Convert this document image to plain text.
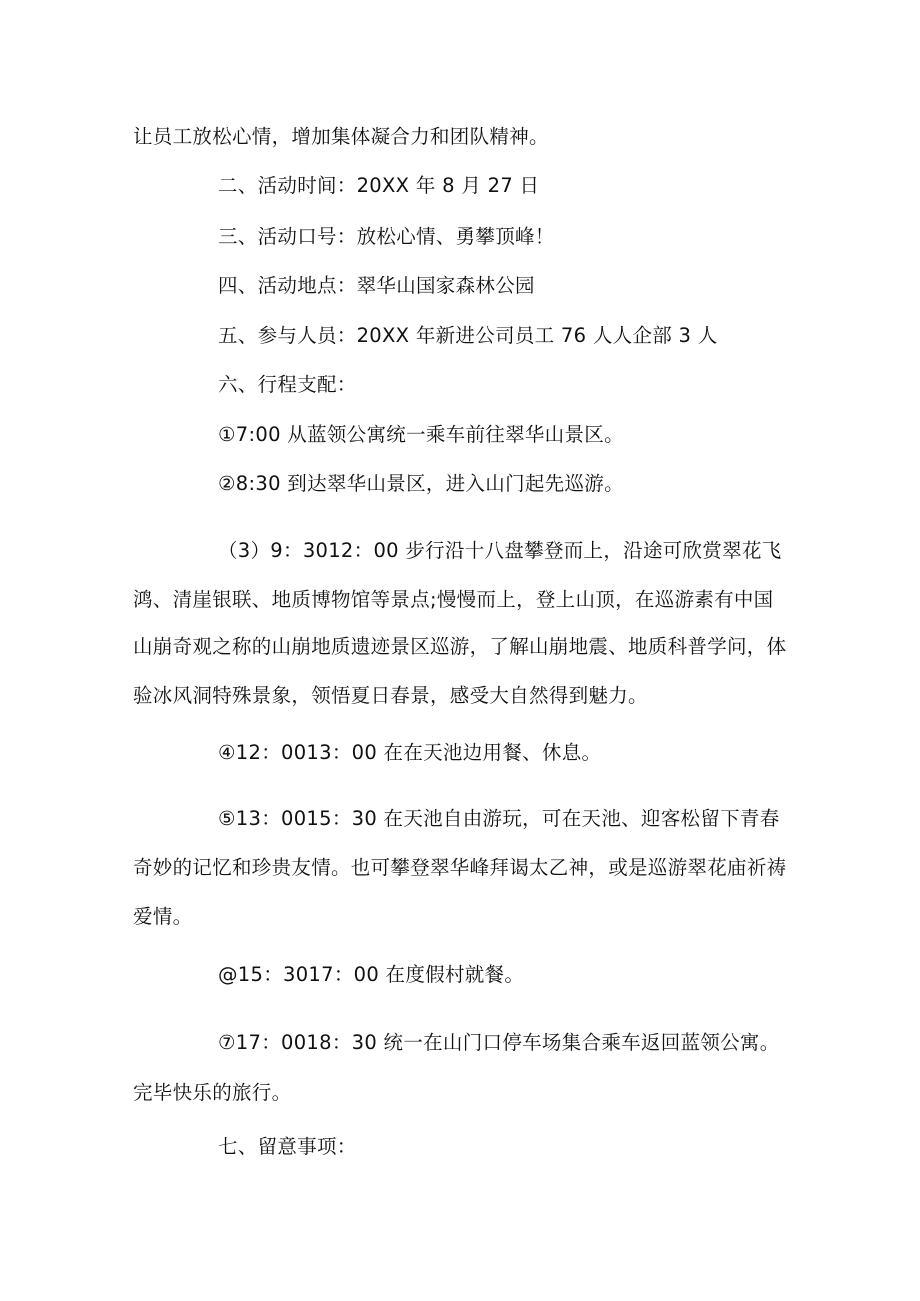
让员工放松心情，增加集体凝合力和团队精神。
二、活动时间：20XX 年 8 月 27 日
三、活动口号：放松心情、勇攀顶峰！
四、活动地点：翠华山国家森林公园
五、参与人员：20XX 年新进公司员工 76 人人企部 3 人
六、行程支配：
①7:00 从蓝领公寓统一乘车前往翠华山景区。
②8:30 到达翠华山景区，进入山门起先巡游。
（3）9：3012：00 步行沿十八盘攀登而上，沿途可欣赏翠花飞
鸿、清崖银联、地质博物馆等景点;慢慢而上，登上山顶，在巡游素有中国
山崩奇观之称的山崩地质遗迹景区巡游，了解山崩地震、地质科普学问，体
验冰风洞特殊景象，领悟夏日春景，感受大自然得到魅力。
④12：0013：00 在在天池边用餐、休息。
⑤13：0015：30 在天池自由游玩，可在天池、迎客松留下青春
奇妙的记忆和珍贵友情。也可攀登翠华峰拜谒太乙神，或是巡游翠花庙祈祷
爱情。
@15：3017：00 在度假村就餐。
⑦17：0018：30 统一在山门口停车场集合乘车返回蓝领公寓。
完毕快乐的旅行。
七、留意事项：
